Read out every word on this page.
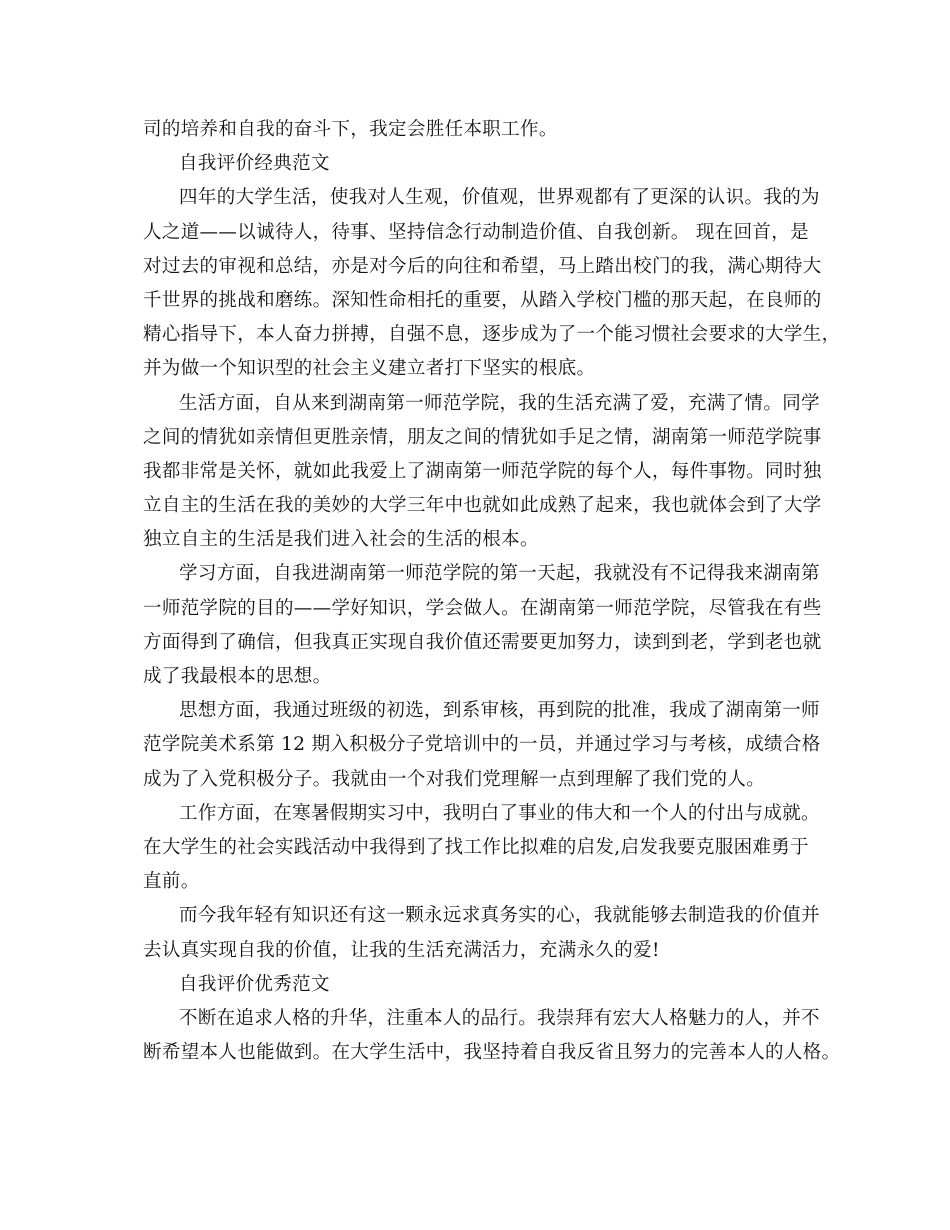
司的培养和自我的奋斗下，我定会胜任本职工作。
自我评价经典范文
四年的大学生活，使我对人生观，价值观，世界观都有了更深的认识。我的为
人之道——以诚待人，待事、坚持信念行动制造价值、自我创新。 现在回首，是
对过去的审视和总结，亦是对今后的向往和希望，马上踏出校门的我，满心期待大
千世界的挑战和磨练。深知性命相托的重要，从踏入学校门槛的那天起，在良师的
精心指导下，本人奋力拼搏，自强不息，逐步成为了一个能习惯社会要求的大学生，
并为做一个知识型的社会主义建立者打下坚实的根底。
生活方面，自从来到湖南第一师范学院，我的生活充满了爱，充满了情。同学
之间的情犹如亲情但更胜亲情，朋友之间的情犹如手足之情，湖南第一师范学院事
我都非常是关怀，就如此我爱上了湖南第一师范学院的每个人，每件事物。同时独
立自主的生活在我的美妙的大学三年中也就如此成熟了起来，我也就体会到了大学
独立自主的生活是我们进入社会的生活的根本。
学习方面，自我进湖南第一师范学院的第一天起，我就没有不记得我来湖南第
一师范学院的目的——学好知识，学会做人。在湖南第一师范学院，尽管我在有些
方面得到了确信，但我真正实现自我价值还需要更加努力，读到到老，学到老也就
成了我最根本的思想。
思想方面，我通过班级的初选，到系审核，再到院的批准，我成了湖南第一师
范学院美术系第 12 期入积极分子党培训中的一员，并通过学习与考核，成绩合格
成为了入党积极分子。我就由一个对我们党理解一点到理解了我们党的人。
工作方面，在寒暑假期实习中，我明白了事业的伟大和一个人的付出与成就。
在大学生的社会实践活动中我得到了找工作比拟难的启发,启发我要克服困难勇于
直前。
而今我年轻有知识还有这一颗永远求真务实的心，我就能够去制造我的价值并
去认真实现自我的价值，让我的生活充满活力，充满永久的爱!
自我评价优秀范文
不断在追求人格的升华，注重本人的品行。我崇拜有宏大人格魅力的人，并不
断希望本人也能做到。在大学生活中，我坚持着自我反省且努力的完善本人的人格。
